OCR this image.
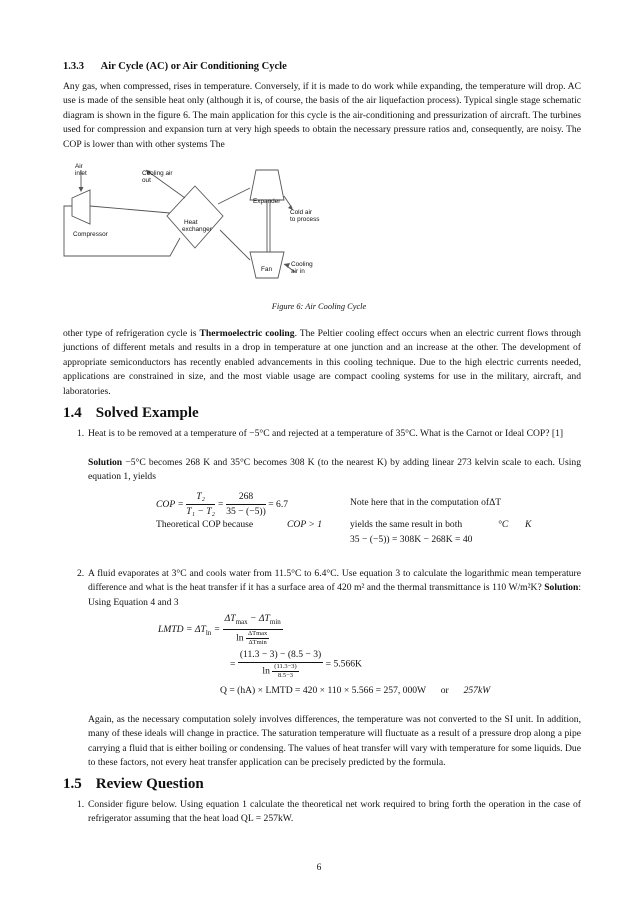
1.3.3 Air Cycle (AC) or Air Conditioning Cycle

Any gas, when compressed, rises in temperature. Conversely, if it is made to do work while expanding, the temperature will drop. AC use is made of the sensible heat only (although it is, of course, the basis of the air liquefaction process). Typical single stage schematic diagram is shown in the figure 6. The main application for this cycle is the air-conditioning and pressurization of aircraft. The turbines used for compression and expansion turn at very high speeds to obtain the necessary pressure ratios and, consequently, are noisy. The COP is lower than with other systems The

Air inlet	Cooling air out
Compressor
Heat exchanger
Expander
Cold air to process
Fan
Cooling air in
Figure 6: Air Cooling Cycle

other type of refrigeration cycle is Thermoelectric cooling. The Peltier cooling effect occurs when an electric current flows through junctions of different metals and results in a drop in temperature at one junction and an increase at the other. The development of appropriate semiconductors has recently enabled advancements in this cooling technique. Due to the high electric currents needed, applications are constrained in size, and the most viable usage are compact cooling systems for use in the military, aircraft, and laboratories.

1.4 Solved Example
1. Heat is to be removed at a temperature of −5°C and rejected at a temperature of 35°C. What is the Carnot or Ideal COP? [1]

Solution −5°C becomes 268 K and 35°C becomes 308 K (to the nearest K) by adding linear 273 kelvin scale to each. Using equation 1, yields

COP = $\frac{\text{T₂}}{\text{T₁ − T₂}} = \frac{268}{35 - (-5))} = 6.7$	Note here that in the computation ofΔT
Theoretical COP because	COP > 1	yields the same result in both	°C K
35 − (−5)) = 308K − 268K = 40
2. A fluid evaporates at 3°C and cools water from 11.5°C to 6.4°C. Use equation 3 to calculate the logarithmic mean temperature difference and what is the heat transfer if it has a surface area of 420 m² and the thermal transmittance is 110 W/m²K? Solution: Using Equation 4 and 3

LMTD = $\Delta T_{ln} = \frac{\Delta T_{max} - \Delta T_{min}}{\ln \frac{\Delta Tmax}{\Delta Tmin}}$
= $\frac{(11.3 - 3) - (8.5 - 3)}{\ln \frac{(11.3-3)}{8.5-3}} = 5.566K$
Q = (hA) × LMTD = 420 × 110 × 5.566 = 257, 000W or 257kW

Again, as the necessary computation solely involves differences, the temperature was not converted to the SI unit. In addition, many of these ideals will change in practice. The saturation temperature will fluctuate as a result of a pressure drop along a pipe carrying a fluid that is either boiling or condensing. The values of heat transfer will vary with temperature for some liquids. Due to these factors, not every heat transfer application can be precisely predicted by the formula.

1.5 Review Question
1. Consider figure below. Using equation 1 calculate the theoretical net work required to bring forth the operation in the case of refrigerator assuming that the heat load QL = 257kW.

6
